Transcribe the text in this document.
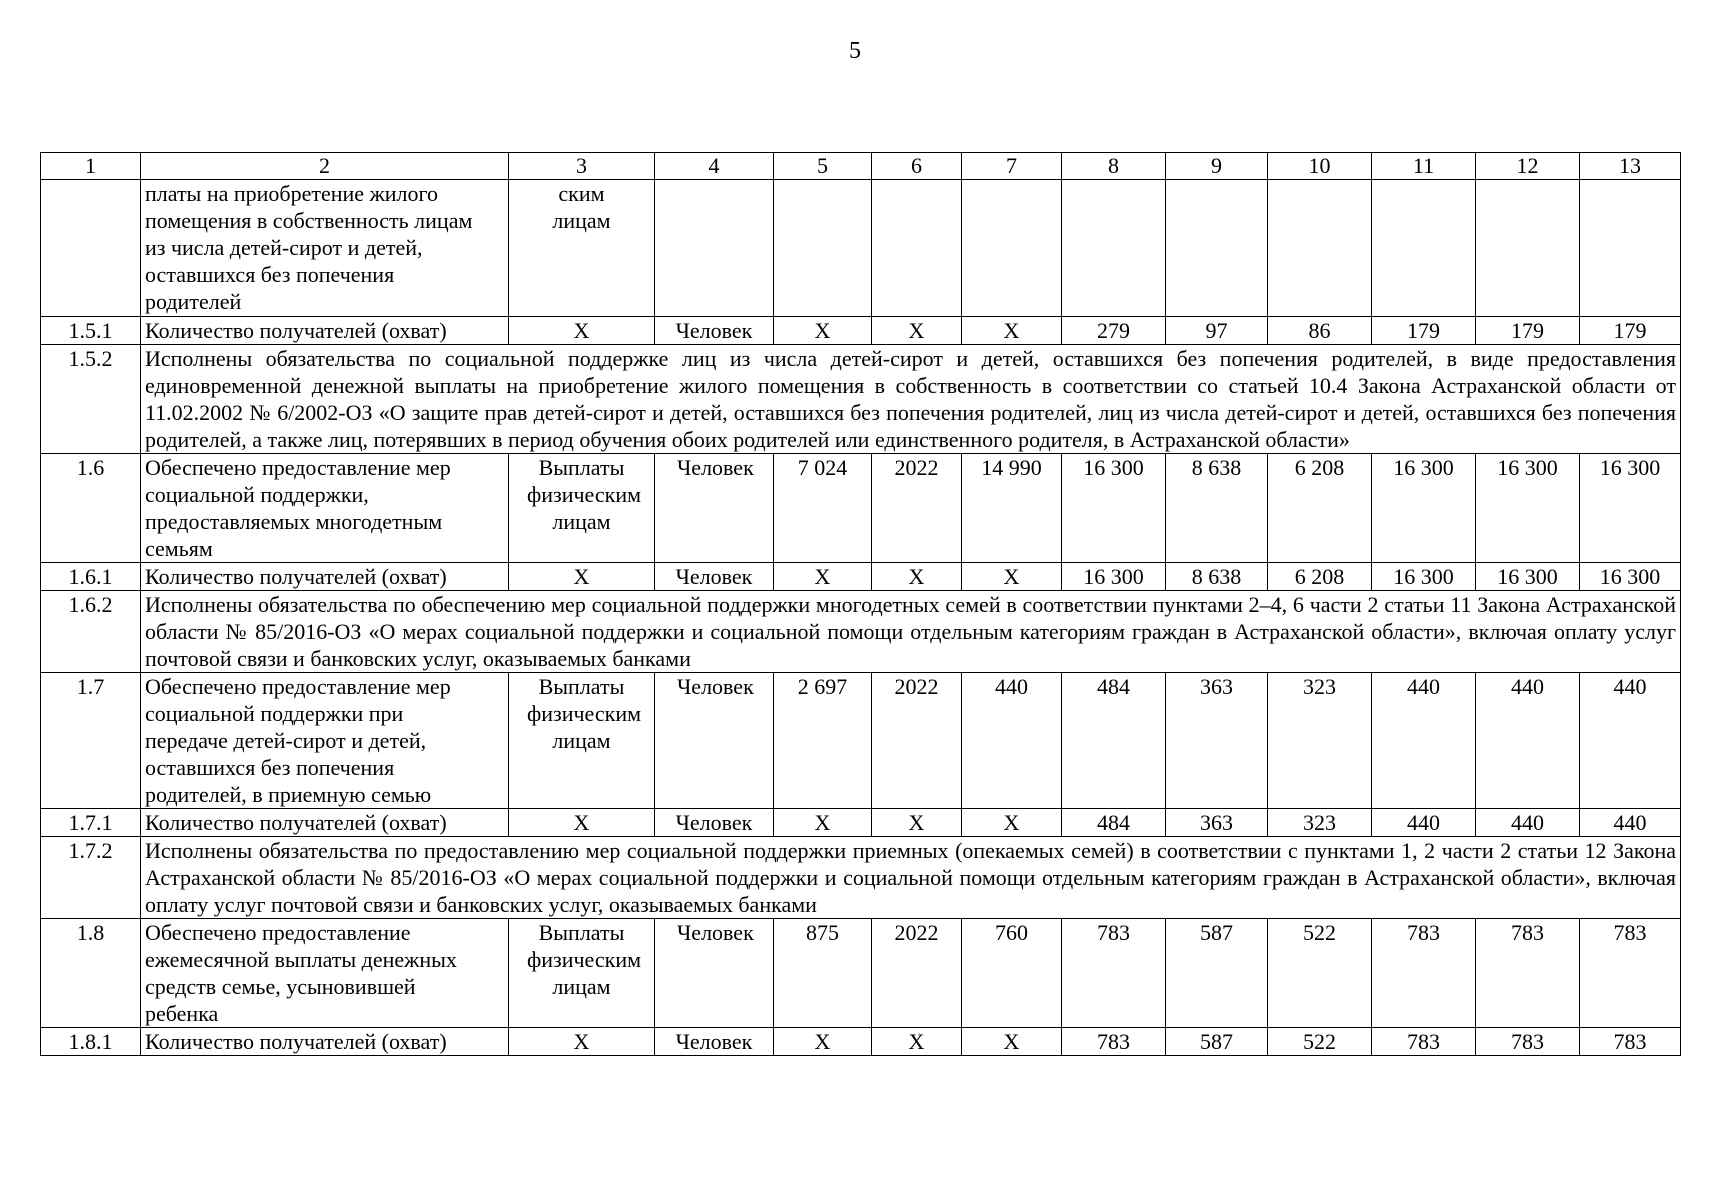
5
1	2	3	4	5	6	7	8	9	10	11	12	13
	платы на приобретение жилого помещения в собственность лицам из числа детей-сирот и детей, оставшихся без попечения родителей	ским лицам										
1.5.1	Количество получателей (охват)	Х	Человек	Х	Х	Х	279	97	86	179	179	179
1.5.2	Исполнены обязательства по социальной поддержке лиц из числа детей-сирот и детей, оставшихся без попечения родителей, в виде предоставления единовременной денежной выплаты на приобретение жилого помещения в собственность в соответствии со статьей 10.4 Закона Астраханской области от 11.02.2002 № 6/2002-ОЗ «О защите прав детей-сирот и детей, оставшихся без попечения родителей, лиц из числа детей-сирот и детей, оставшихся без попечения родителей, а также лиц, потерявших в период обучения обоих родителей или единственного родителя, в Астраханской области»											
1.6	Обеспечено предоставление мер социальной поддержки, предоставляемых многодетным семьям	Выплаты физическим лицам	Человек	7 024	2022	14 990	16 300	8 638	6 208	16 300	16 300	16 300
1.6.1	Количество получателей (охват)	Х	Человек	Х	Х	Х	16 300	8 638	6 208	16 300	16 300	16 300
1.6.2	Исполнены обязательства по обеспечению мер социальной поддержки многодетных семей в соответствии пунктами 2–4, 6 части 2 статьи 11 Закона Астраханской области № 85/2016-ОЗ «О мерах социальной поддержки и социальной помощи отдельным категориям граждан в Астраханской области», включая оплату услуг почтовой связи и банковских услуг, оказываемых банками											
1.7	Обеспечено предоставление мер социальной поддержки при передаче детей-сирот и детей, оставшихся без попечения родителей, в приемную семью	Выплаты физическим лицам	Человек	2 697	2022	440	484	363	323	440	440	440
1.7.1	Количество получателей (охват)	Х	Человек	Х	Х	Х	484	363	323	440	440	440
1.7.2	Исполнены обязательства по предоставлению мер социальной поддержки приемных (опекаемых семей) в соответствии с пунктами 1, 2 части 2 статьи 12 Закона Астраханской области № 85/2016-ОЗ «О мерах социальной поддержки и социальной помощи отдельным категориям граждан в Астраханской области», включая оплату услуг почтовой связи и банковских услуг, оказываемых банками											
1.8	Обеспечено предоставление ежемесячной выплаты денежных средств семье, усыновившей ребенка	Выплаты физическим лицам	Человек	875	2022	760	783	587	522	783	783	783
1.8.1	Количество получателей (охват)	Х	Человек	Х	Х	Х	783	587	522	783	783	783
